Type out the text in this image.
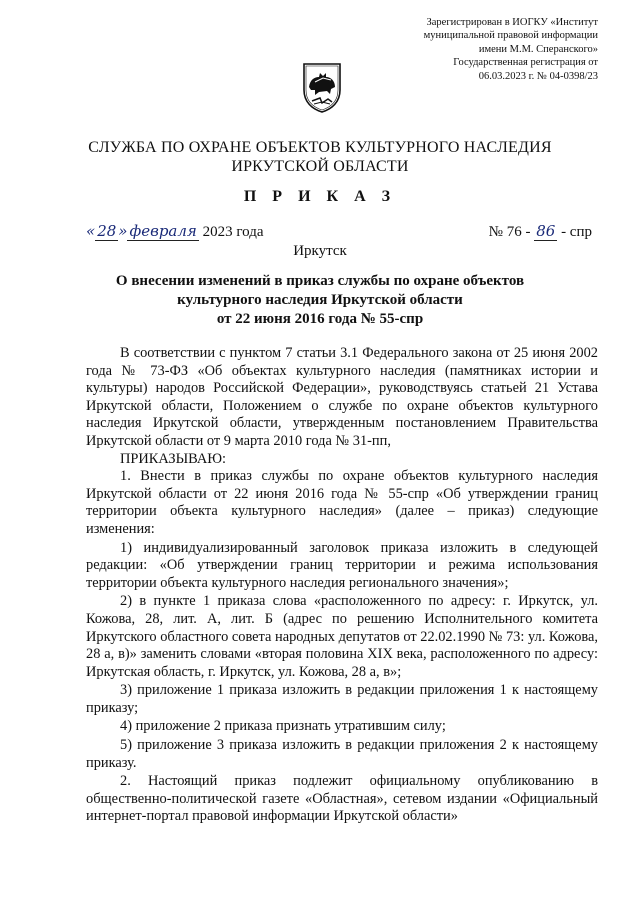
Зарегистрирован в ИОГКУ «Институт
муниципальной правовой информации
имени М.М. Сперанского»
Государственная регистрация от
06.03.2023 г. № 04-0398/23
СЛУЖБА ПО ОХРАНЕ ОБЪЕКТОВ КУЛЬТУРНОГО НАСЛЕДИЯ
ИРКУТСКОЙ ОБЛАСТИ
П Р И К А З
« 28 » февраля 2023 года	№ 76 - 86 - спр
Иркутск
О внесении изменений в приказ службы по охране объектов
культурного наследия Иркутской области
от 22 июня 2016 года № 55-спр

В соответствии с пунктом 7 статьи 3.1 Федерального закона от 25 июня 2002 года № 73-ФЗ «Об объектах культурного наследия (памятниках истории и культуры) народов Российской Федерации», руководствуясь статьей 21 Устава Иркутской области, Положением о службе по охране объектов культурного наследия Иркутской области, утвержденным постановлением Правительства Иркутской области от 9 марта 2010 года № 31-пп,

ПРИКАЗЫВАЮ:

1. Внести в приказ службы по охране объектов культурного наследия Иркутской области от 22 июня 2016 года № 55-спр «Об утверждении границ территории объекта культурного наследия» (далее – приказ) следующие изменения:

1) индивидуализированный заголовок приказа изложить в следующей редакции: «Об утверждении границ территории и режима использования территории объекта культурного наследия регионального значения»;

2) в пункте 1 приказа слова «расположенного по адресу: г. Иркутск, ул. Кожова, 28, лит. А, лит. Б (адрес по решению Исполнительного комитета Иркутского областного совета народных депутатов от 22.02.1990 № 73: ул. Кожова, 28 а, в)» заменить словами «вторая половина XIX века, расположенного по адресу: Иркутская область, г. Иркутск, ул. Кожова, 28 а, в»;

3) приложение 1 приказа изложить в редакции приложения 1 к настоящему приказу;

4) приложение 2 приказа признать утратившим силу;

5) приложение 3 приказа изложить в редакции приложения 2 к настоящему приказу.

2. Настоящий приказ подлежит официальному опубликованию в общественно-политической газете «Областная», сетевом издании «Официальный интернет-портал правовой информации Иркутской области»
